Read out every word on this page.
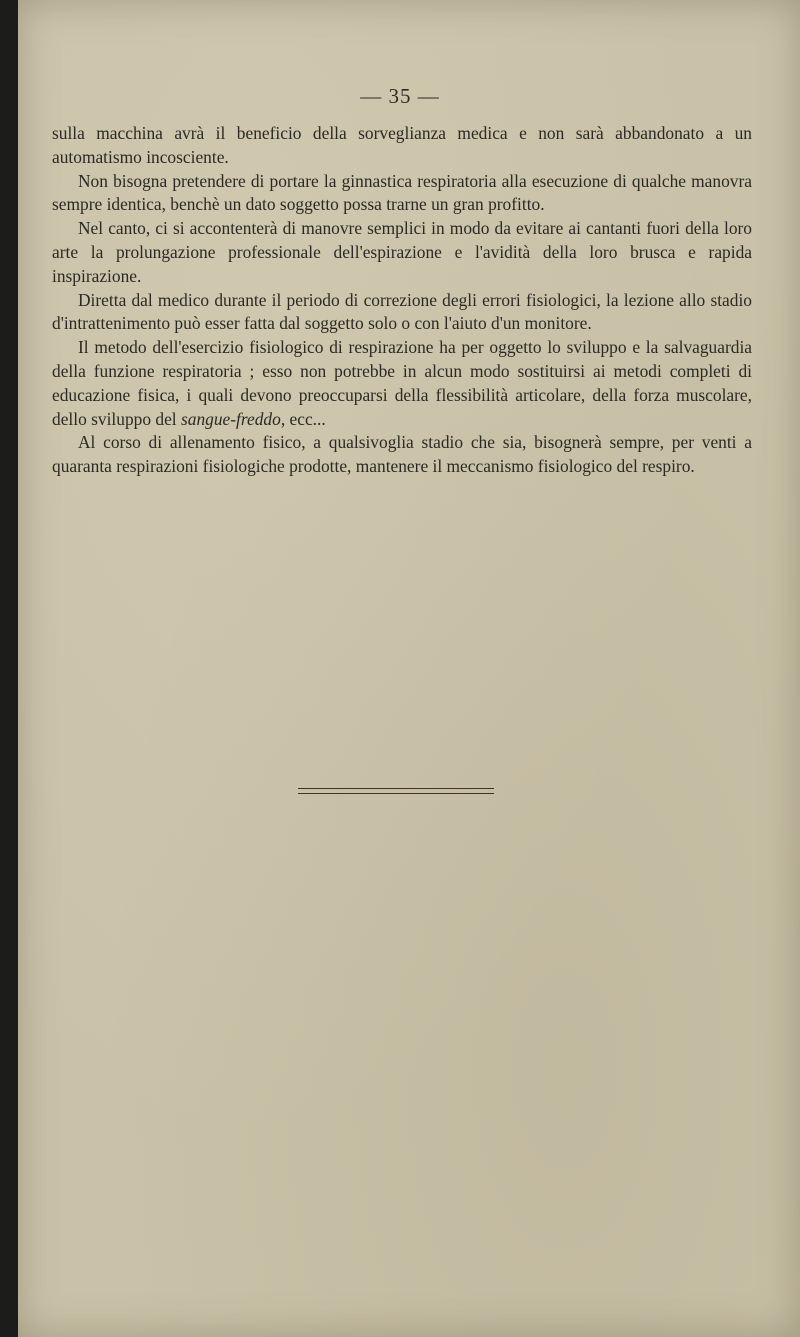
— 35 —

sulla macchina avrà il beneficio della sorveglianza medica e non sarà abbandonato a un automatismo incosciente.

Non bisogna pretendere di portare la ginnastica respiratoria alla esecuzione di qualche manovra sempre identica, benchè un dato soggetto possa trarne un gran profitto.

Nel canto, ci si accontenterà di manovre semplici in modo da evitare ai cantanti fuori della loro arte la prolungazione professionale dell'espirazione e l'avidità della loro brusca e rapida inspirazione.

Diretta dal medico durante il periodo di correzione degli errori fisiologici, la lezione allo stadio d'intrattenimento può esser fatta dal soggetto solo o con l'aiuto d'un monitore.

Il metodo dell'esercizio fisiologico di respirazione ha per oggetto lo sviluppo e la salvaguardia della funzione respiratoria ; esso non potrebbe in alcun modo sostituirsi ai metodi completi di educazione fisica, i quali devono preoccuparsi della flessibilità articolare, della forza muscolare, dello sviluppo del sangue-freddo, ecc...

Al corso di allenamento fisico, a qualsivoglia stadio che sia, bisognerà sempre, per venti a quaranta respirazioni fisiologiche prodotte, mantenere il meccanismo fisiologico del respiro.
